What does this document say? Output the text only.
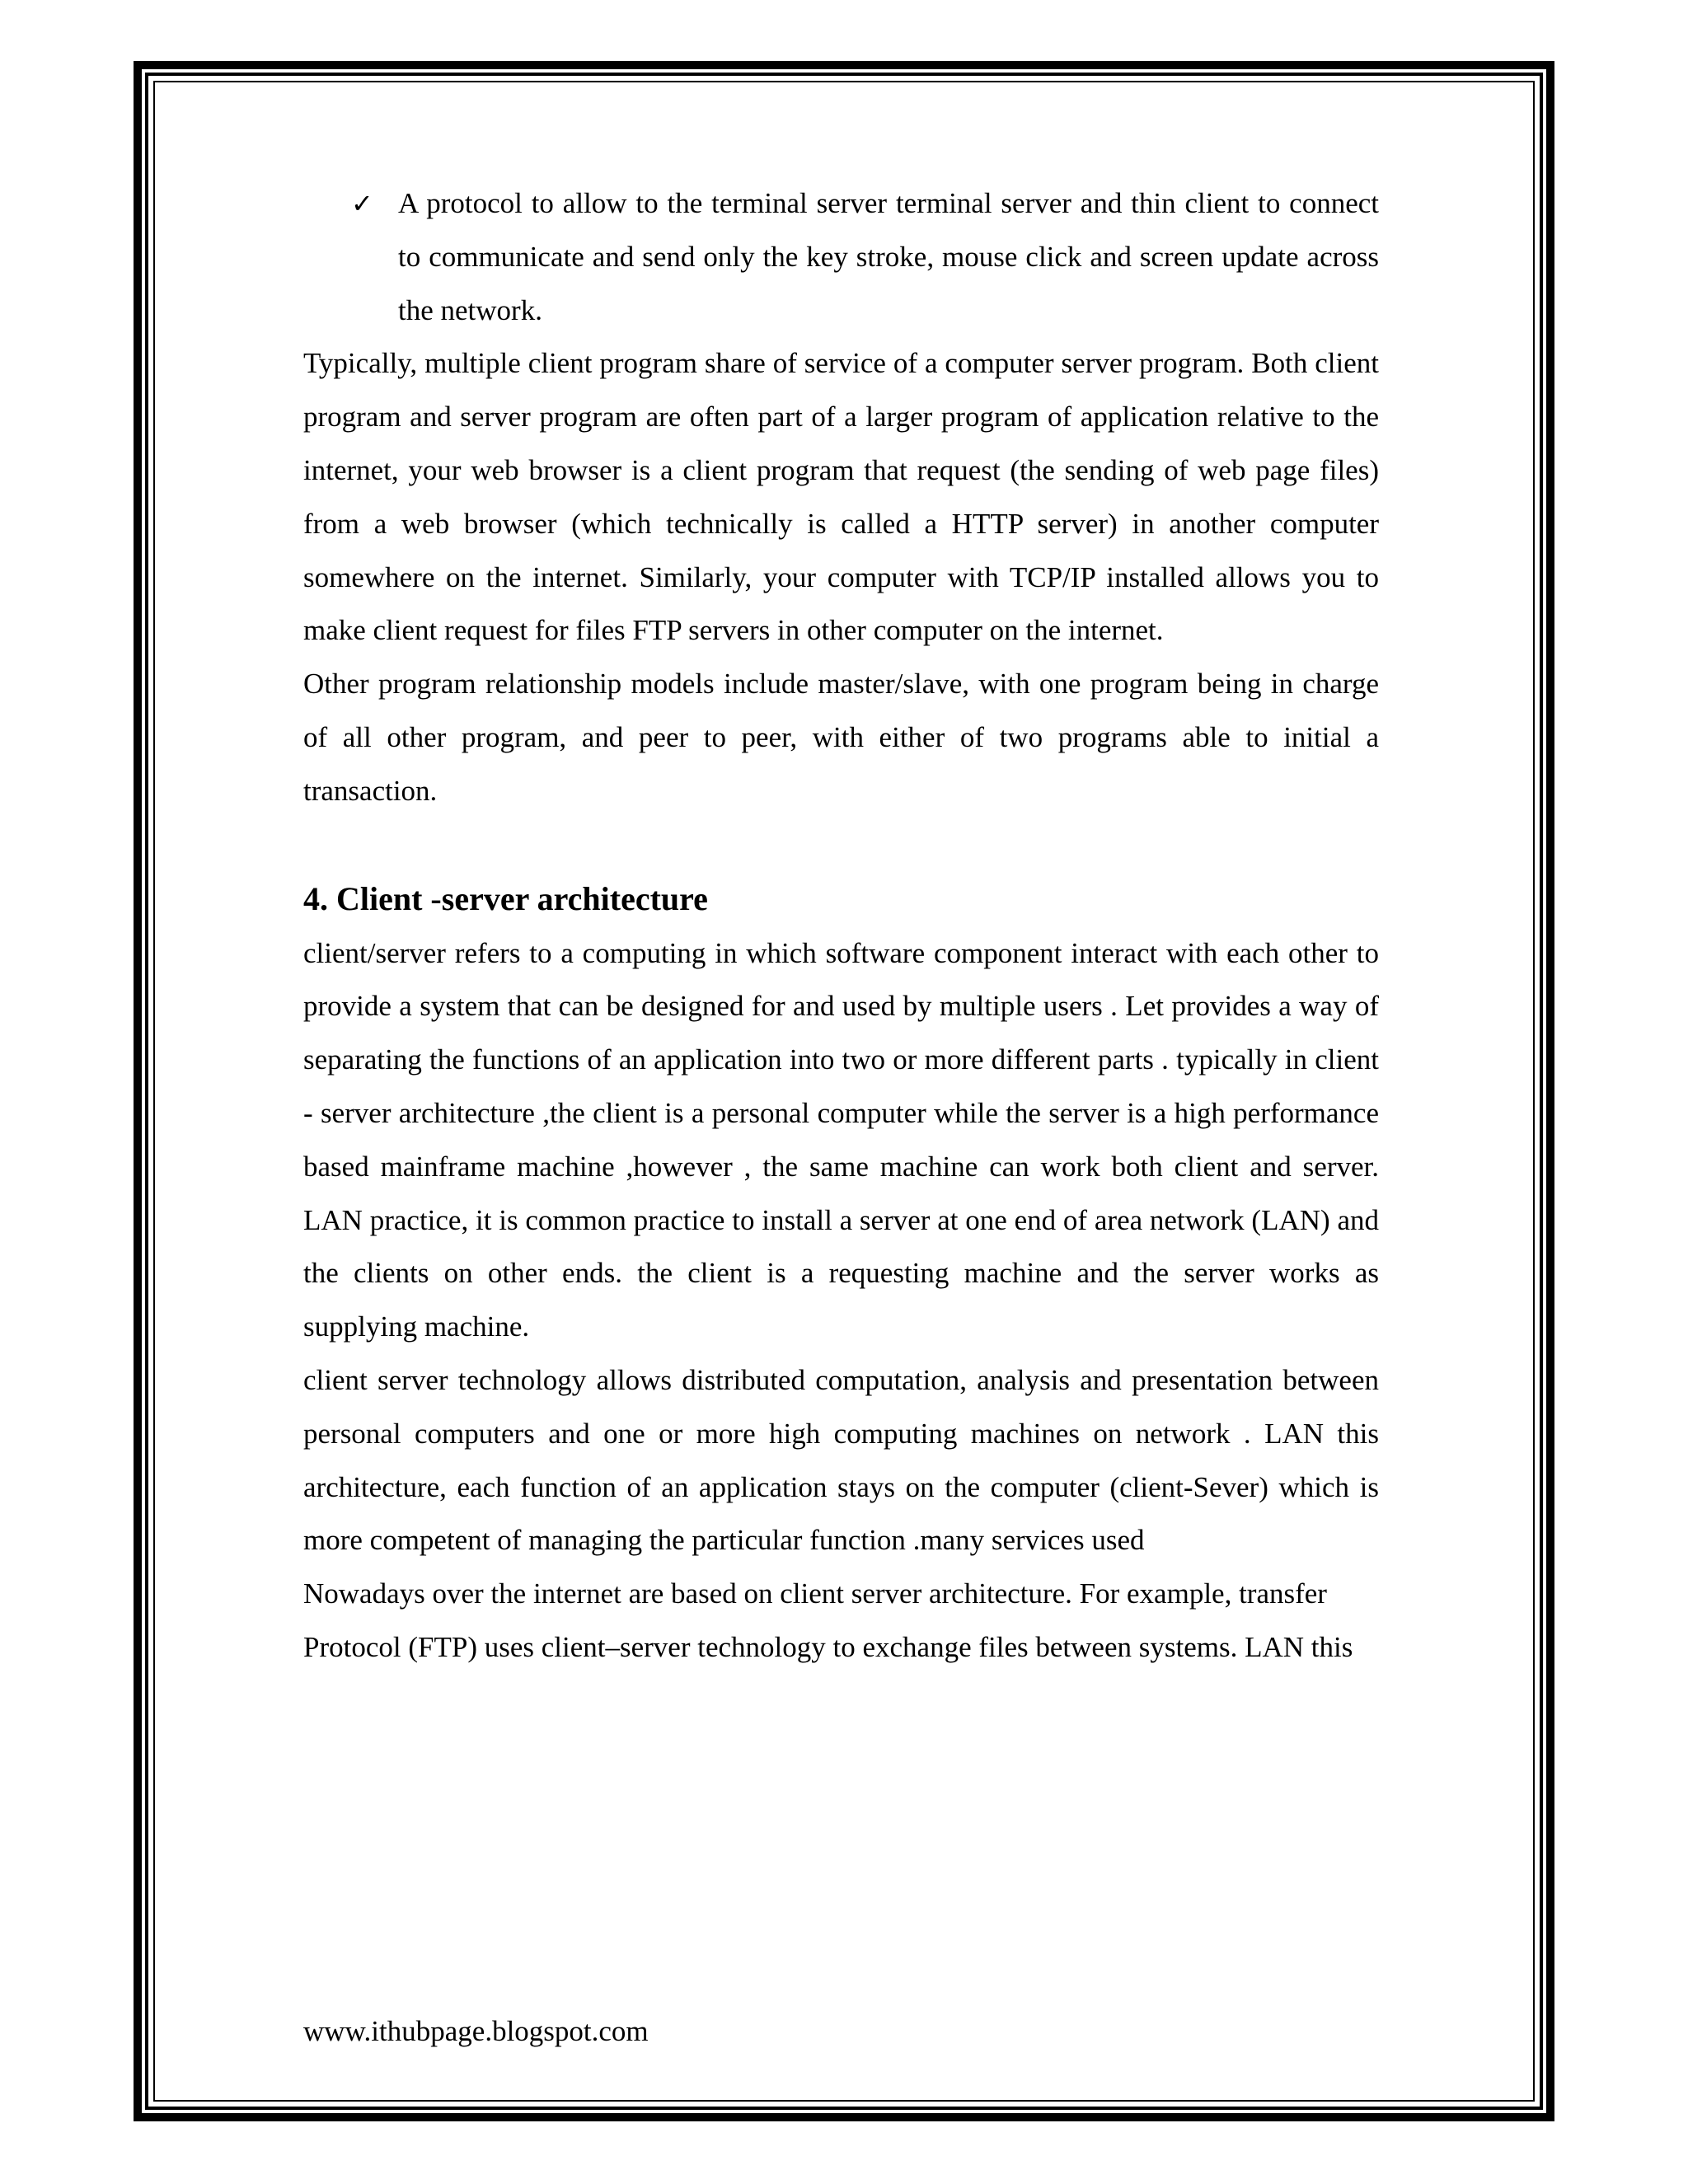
✓ A protocol to allow to the terminal server terminal server and thin client to connect to communicate and send only the key stroke, mouse click and screen update across the network.

Typically, multiple client program share of service of a computer server program. Both client program and server program are often part of a larger program of application relative to the internet, your web browser is a client program that request (the sending of web page files) from a web browser (which technically is called a HTTP server) in another computer somewhere on the internet. Similarly, your computer with TCP/IP installed allows you to make client request for files FTP servers in other computer on the internet.

Other program relationship models include master/slave, with one program being in charge of all other program, and peer to peer, with either of two programs able to initial a transaction.

4. Client -server architecture

client/server refers to a computing in which software component interact with each other to provide a system that can be designed for and used by multiple users . Let provides a way of separating the functions of an application into two or more different parts . typically in client - server architecture ,the client is a personal computer while the server is a high performance based mainframe machine ,however , the same machine can work both client and server. LAN practice, it is common practice to install a server at one end of area network (LAN) and the clients on other ends. the client is a requesting machine and the server works as supplying machine.

client server technology allows distributed computation, analysis and presentation between personal computers and one or more high computing machines on network . LAN this architecture, each function of an application stays on the computer (client-Sever) which is more competent of managing the particular function .many services used

Nowadays over the internet are based on client server architecture. For example, transfer

Protocol (FTP) uses client–server technology to exchange files between systems. LAN this

www.ithubpage.blogspot.com
